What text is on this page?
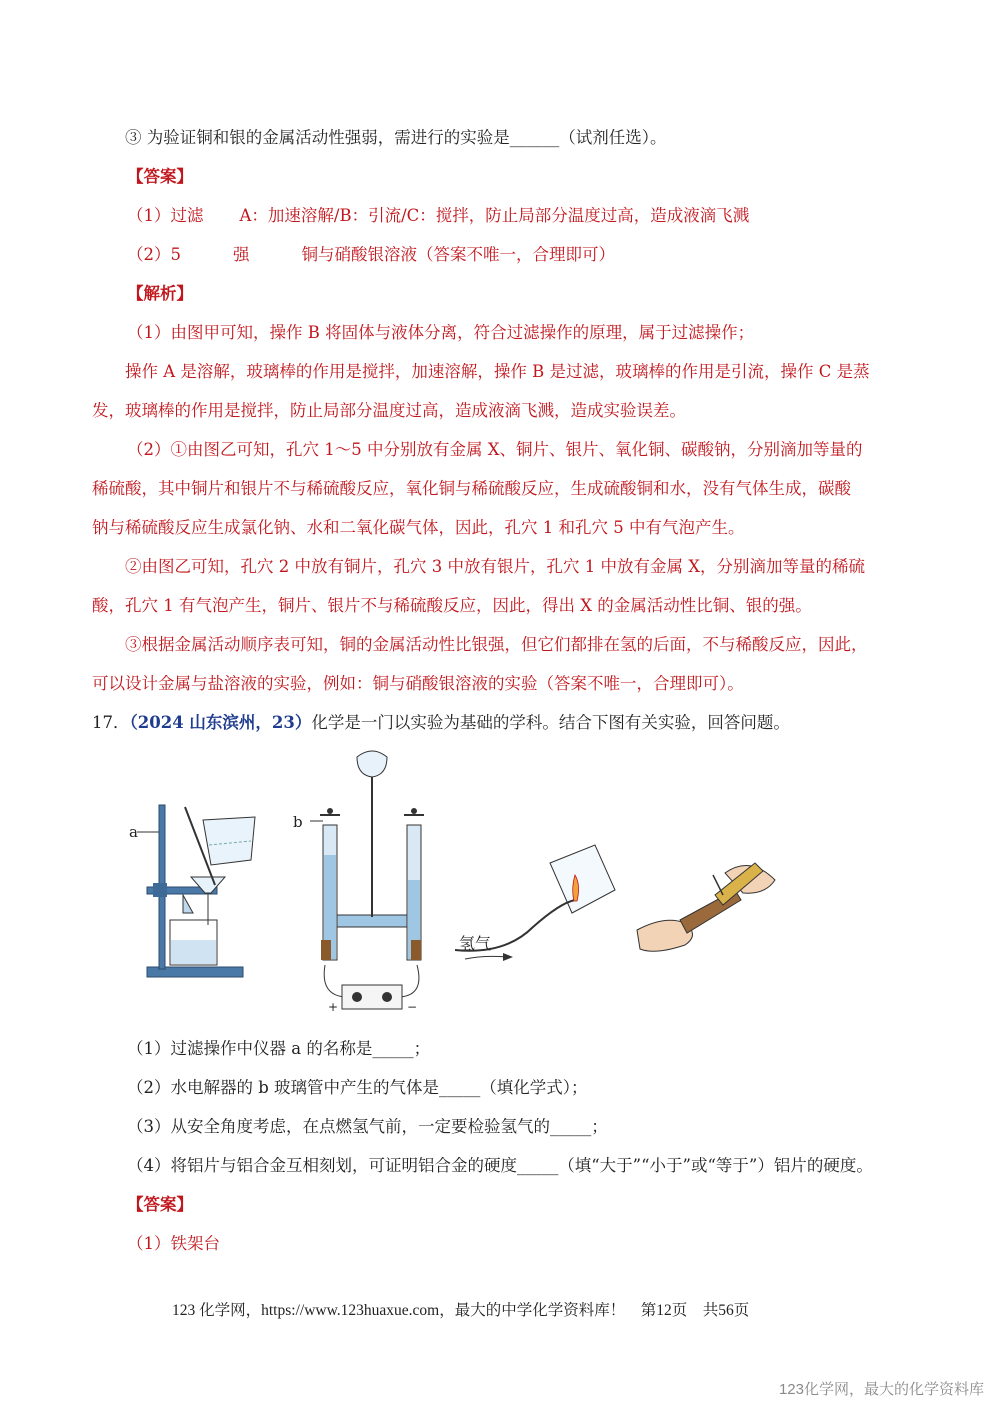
③ 为验证铜和银的金属活动性强弱，需进行的实验是______（试剂任选）。
【答案】
（1）过滤 A：加速溶解/B：引流/C：搅拌，防止局部分温度过高，造成液滴飞溅
（2）5	强	铜与硝酸银溶液（答案不唯一，合理即可）
【解析】
（1）由图甲可知，操作 B 将固体与液体分离，符合过滤操作的原理，属于过滤操作；
操作 A 是溶解，玻璃棒的作用是搅拌，加速溶解，操作 B 是过滤，玻璃棒的作用是引流，操作 C 是蒸
发，玻璃棒的作用是搅拌，防止局部分温度过高，造成液滴飞溅，造成实验误差。
（2）①由图乙可知，孔穴 1～5 中分别放有金属 X、铜片、银片、氧化铜、碳酸钠，分别滴加等量的
稀硫酸，其中铜片和银片不与稀硫酸反应，氧化铜与稀硫酸反应，生成硫酸铜和水，没有气体生成，碳酸
钠与稀硫酸反应生成氯化钠、水和二氧化碳气体，因此，孔穴 1 和孔穴 5 中有气泡产生。
②由图乙可知，孔穴 2 中放有铜片，孔穴 3 中放有银片，孔穴 1 中放有金属 X，分别滴加等量的稀硫
酸，孔穴 1 有气泡产生，铜片、银片不与稀硫酸反应，因此，得出 X 的金属活动性比铜、银的强。
③根据金属活动顺序表可知，铜的金属活动性比银强，但它们都排在氢的后面，不与稀酸反应，因此，
可以设计金属与盐溶液的实验，例如：铜与硝酸银溶液的实验（答案不唯一，合理即可）。
17．（2024 山东滨州，23）化学是一门以实验为基础的学科。结合下图有关实验，回答问题。
a
b
+	−
氢气
（1）过滤操作中仪器 a 的名称是_____；
（2）水电解器的 b 玻璃管中产生的气体是_____（填化学式）；
（3）从安全角度考虑，在点燃氢气前，一定要检验氢气的_____；
（4）将铝片与铝合金互相刻划，可证明铝合金的硬度_____（填“大于”“小于”或“等于”）铝片的硬度。
【答案】
（1）铁架台
123 化学网，https://www.123huaxue.com，最大的中学化学资料库！　第12页　共56页
123化学网，最大的化学资料库
